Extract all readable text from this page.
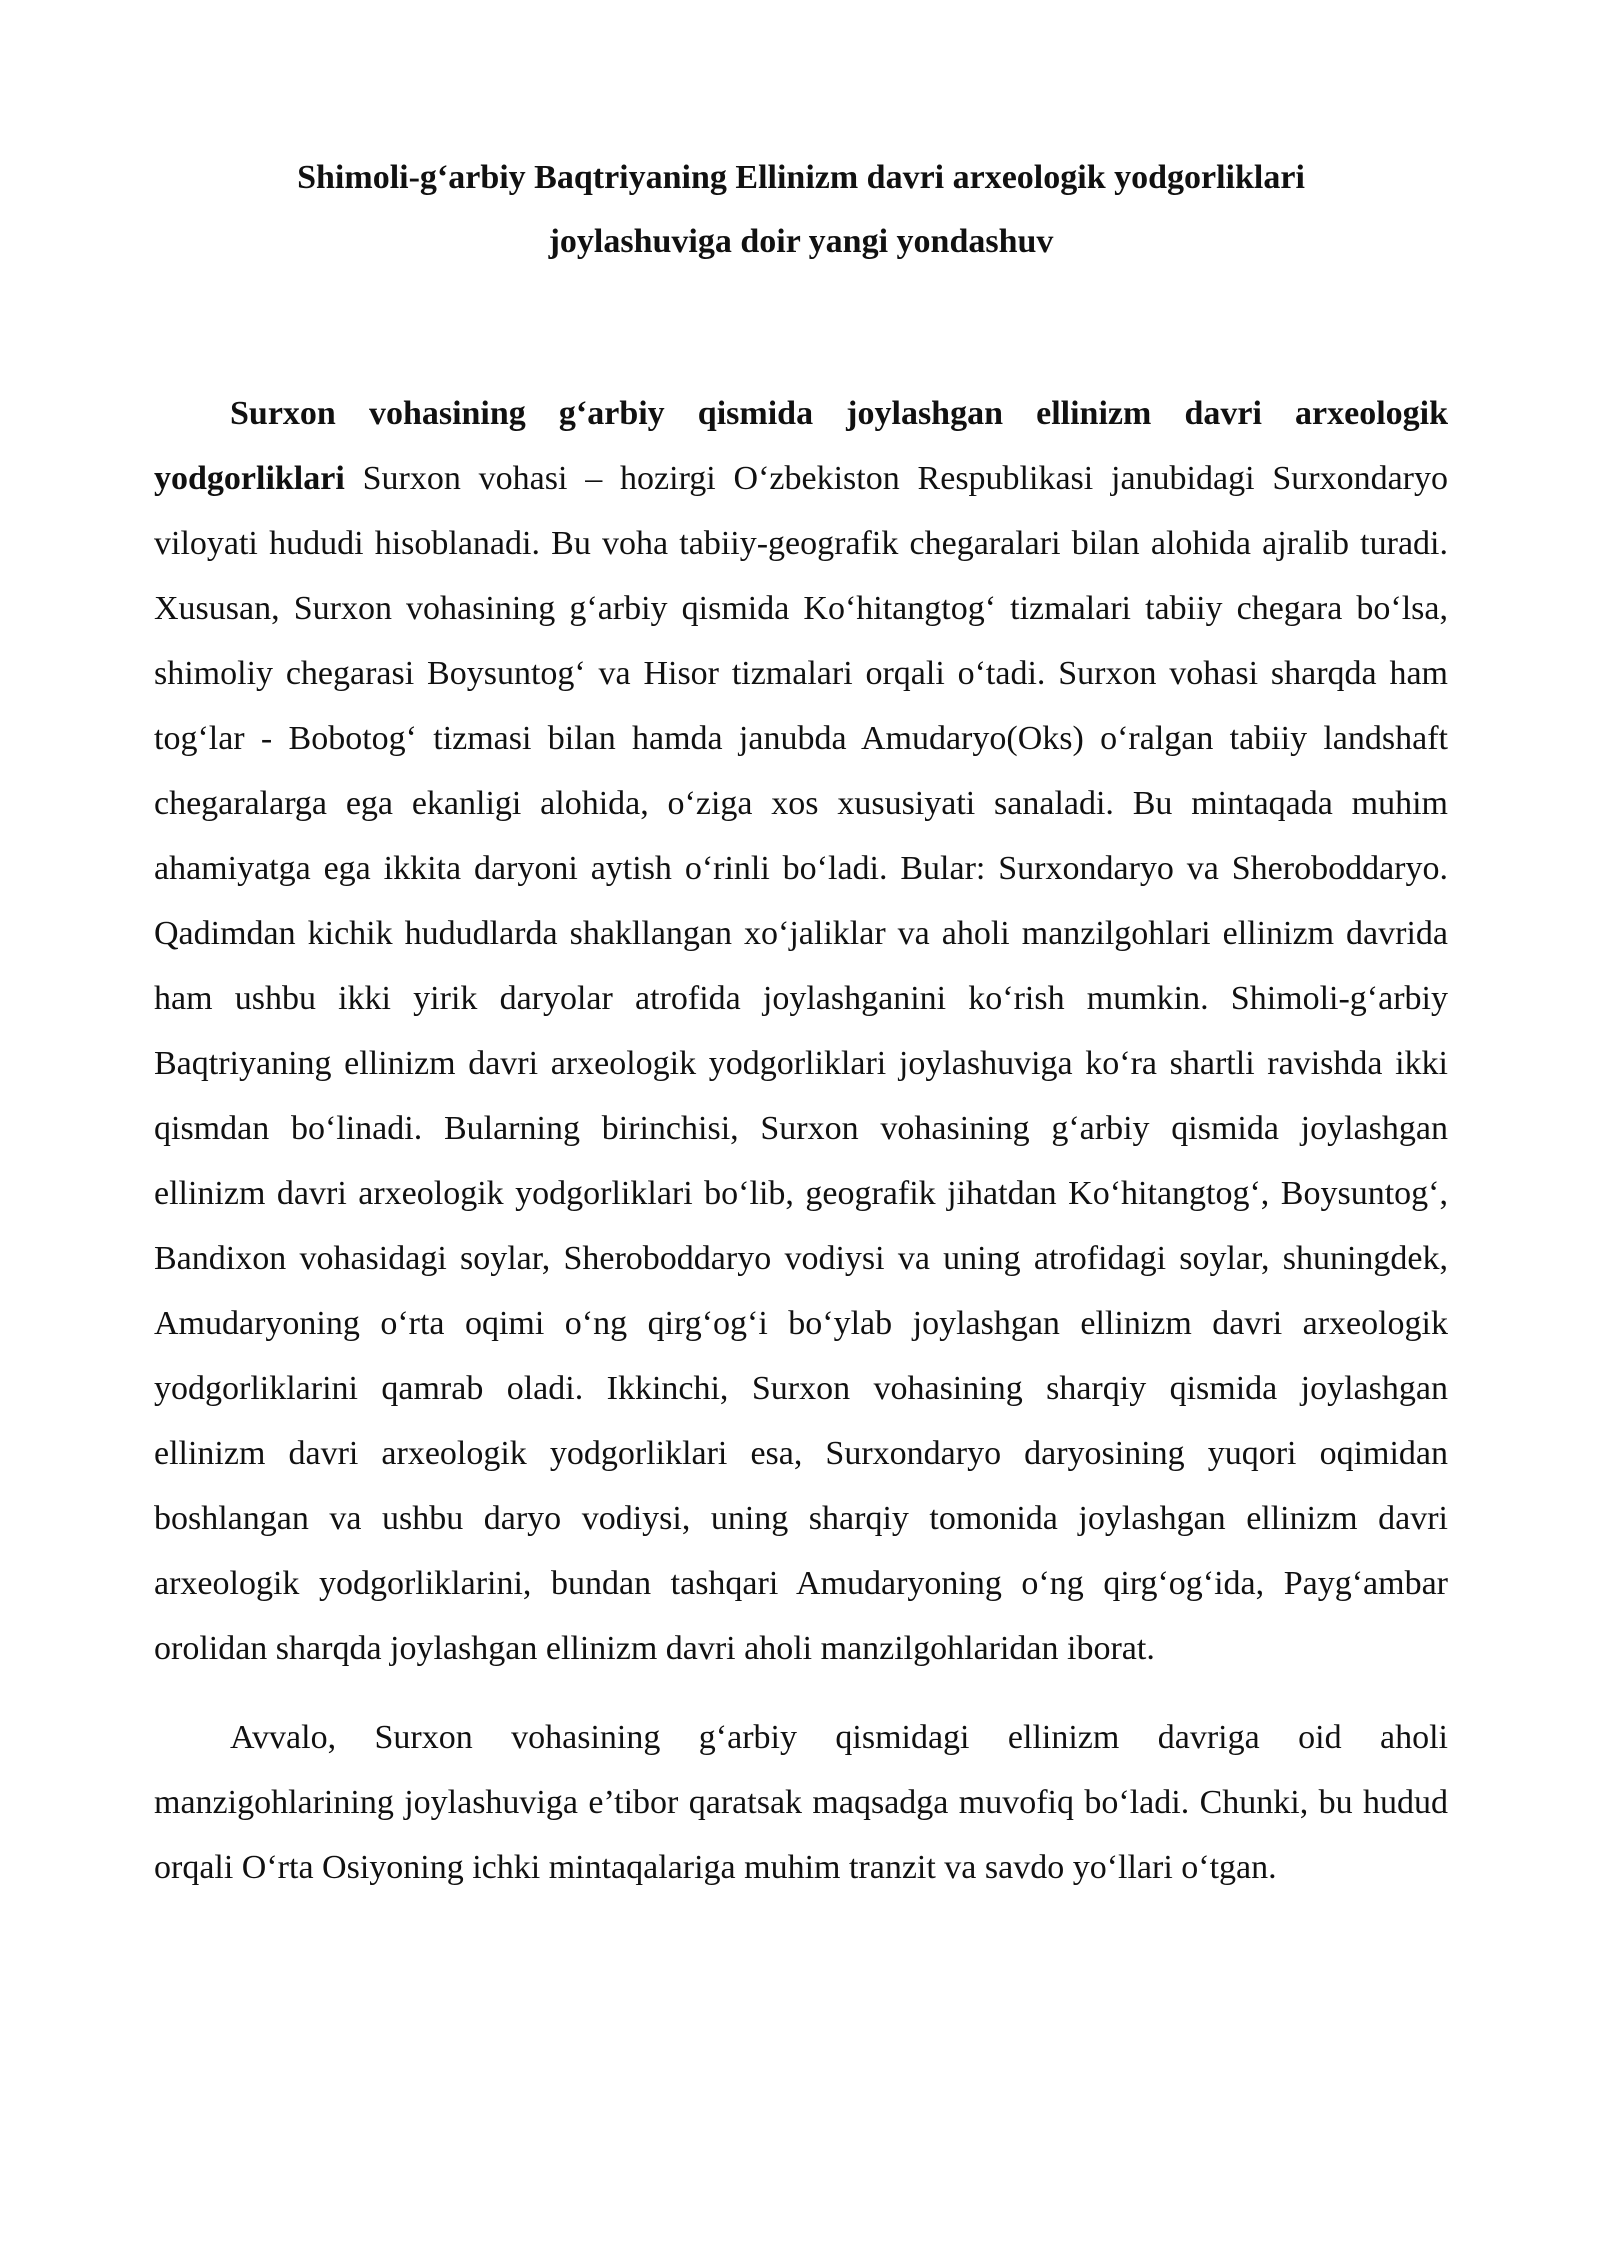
Shimoli-g‘arbiy Baqtriyaning Ellinizm davri arxeologik yodgorliklari
joylashuviga doir yangi yondashuv

Surxon vohasining g‘arbiy qismida joylashgan ellinizm davri arxeologik yodgorliklari Surxon vohasi – hozirgi O‘zbekiston Respublikasi janubidagi Surxondaryo viloyati hududi hisoblanadi. Bu voha tabiiy-geografik chegaralari bilan alohida ajralib turadi. Xususan, Surxon vohasining g‘arbiy qismida Ko‘hitangtog‘ tizmalari tabiiy chegara bo‘lsa, shimoliy chegarasi Boysuntog‘ va Hisor tizmalari orqali o‘tadi. Surxon vohasi sharqda ham tog‘lar - Bobotog‘ tizmasi bilan hamda janubda Amudaryo(Oks) o‘ralgan tabiiy landshaft chegaralarga ega ekanligi alohida, o‘ziga xos xususiyati sanaladi. Bu mintaqada muhim ahamiyatga ega ikkita daryoni aytish o‘rinli bo‘ladi. Bular: Surxondaryo va Sheroboddaryo. Qadimdan kichik hududlarda shakllangan xo‘jaliklar va aholi manzilgohlari ellinizm davrida ham ushbu ikki yirik daryolar atrofida joylashganini ko‘rish mumkin. Shimoli-g‘arbiy Baqtriyaning ellinizm davri arxeologik yodgorliklari joylashuviga ko‘ra shartli ravishda ikki qismdan bo‘linadi. Bularning birinchisi, Surxon vohasining g‘arbiy qismida joylashgan ellinizm davri arxeologik yodgorliklari bo‘lib, geografik jihatdan Ko‘hitangtog‘, Boysuntog‘, Bandixon vohasidagi soylar, Sheroboddaryo vodiysi va uning atrofidagi soylar, shuningdek, Amudaryoning o‘rta oqimi o‘ng qirg‘og‘i bo‘ylab joylashgan ellinizm davri arxeologik yodgorliklarini qamrab oladi. Ikkinchi, Surxon vohasining sharqiy qismida joylashgan ellinizm davri arxeologik yodgorliklari esa, Surxondaryo daryosining yuqori oqimidan boshlangan va ushbu daryo vodiysi, uning sharqiy tomonida joylashgan ellinizm davri arxeologik yodgorliklarini, bundan tashqari Amudaryoning o‘ng qirg‘og‘ida, Payg‘ambar orolidan sharqda joylashgan ellinizm davri aholi manzilgohlaridan iborat.

Avvalo, Surxon vohasining g‘arbiy qismidagi ellinizm davriga oid aholi manzigohlarining joylashuviga e’tibor qaratsak maqsadga muvofiq bo‘ladi. Chunki, bu hudud orqali O‘rta Osiyoning ichki mintaqalariga muhim tranzit va savdo yo‘llari o‘tgan.
